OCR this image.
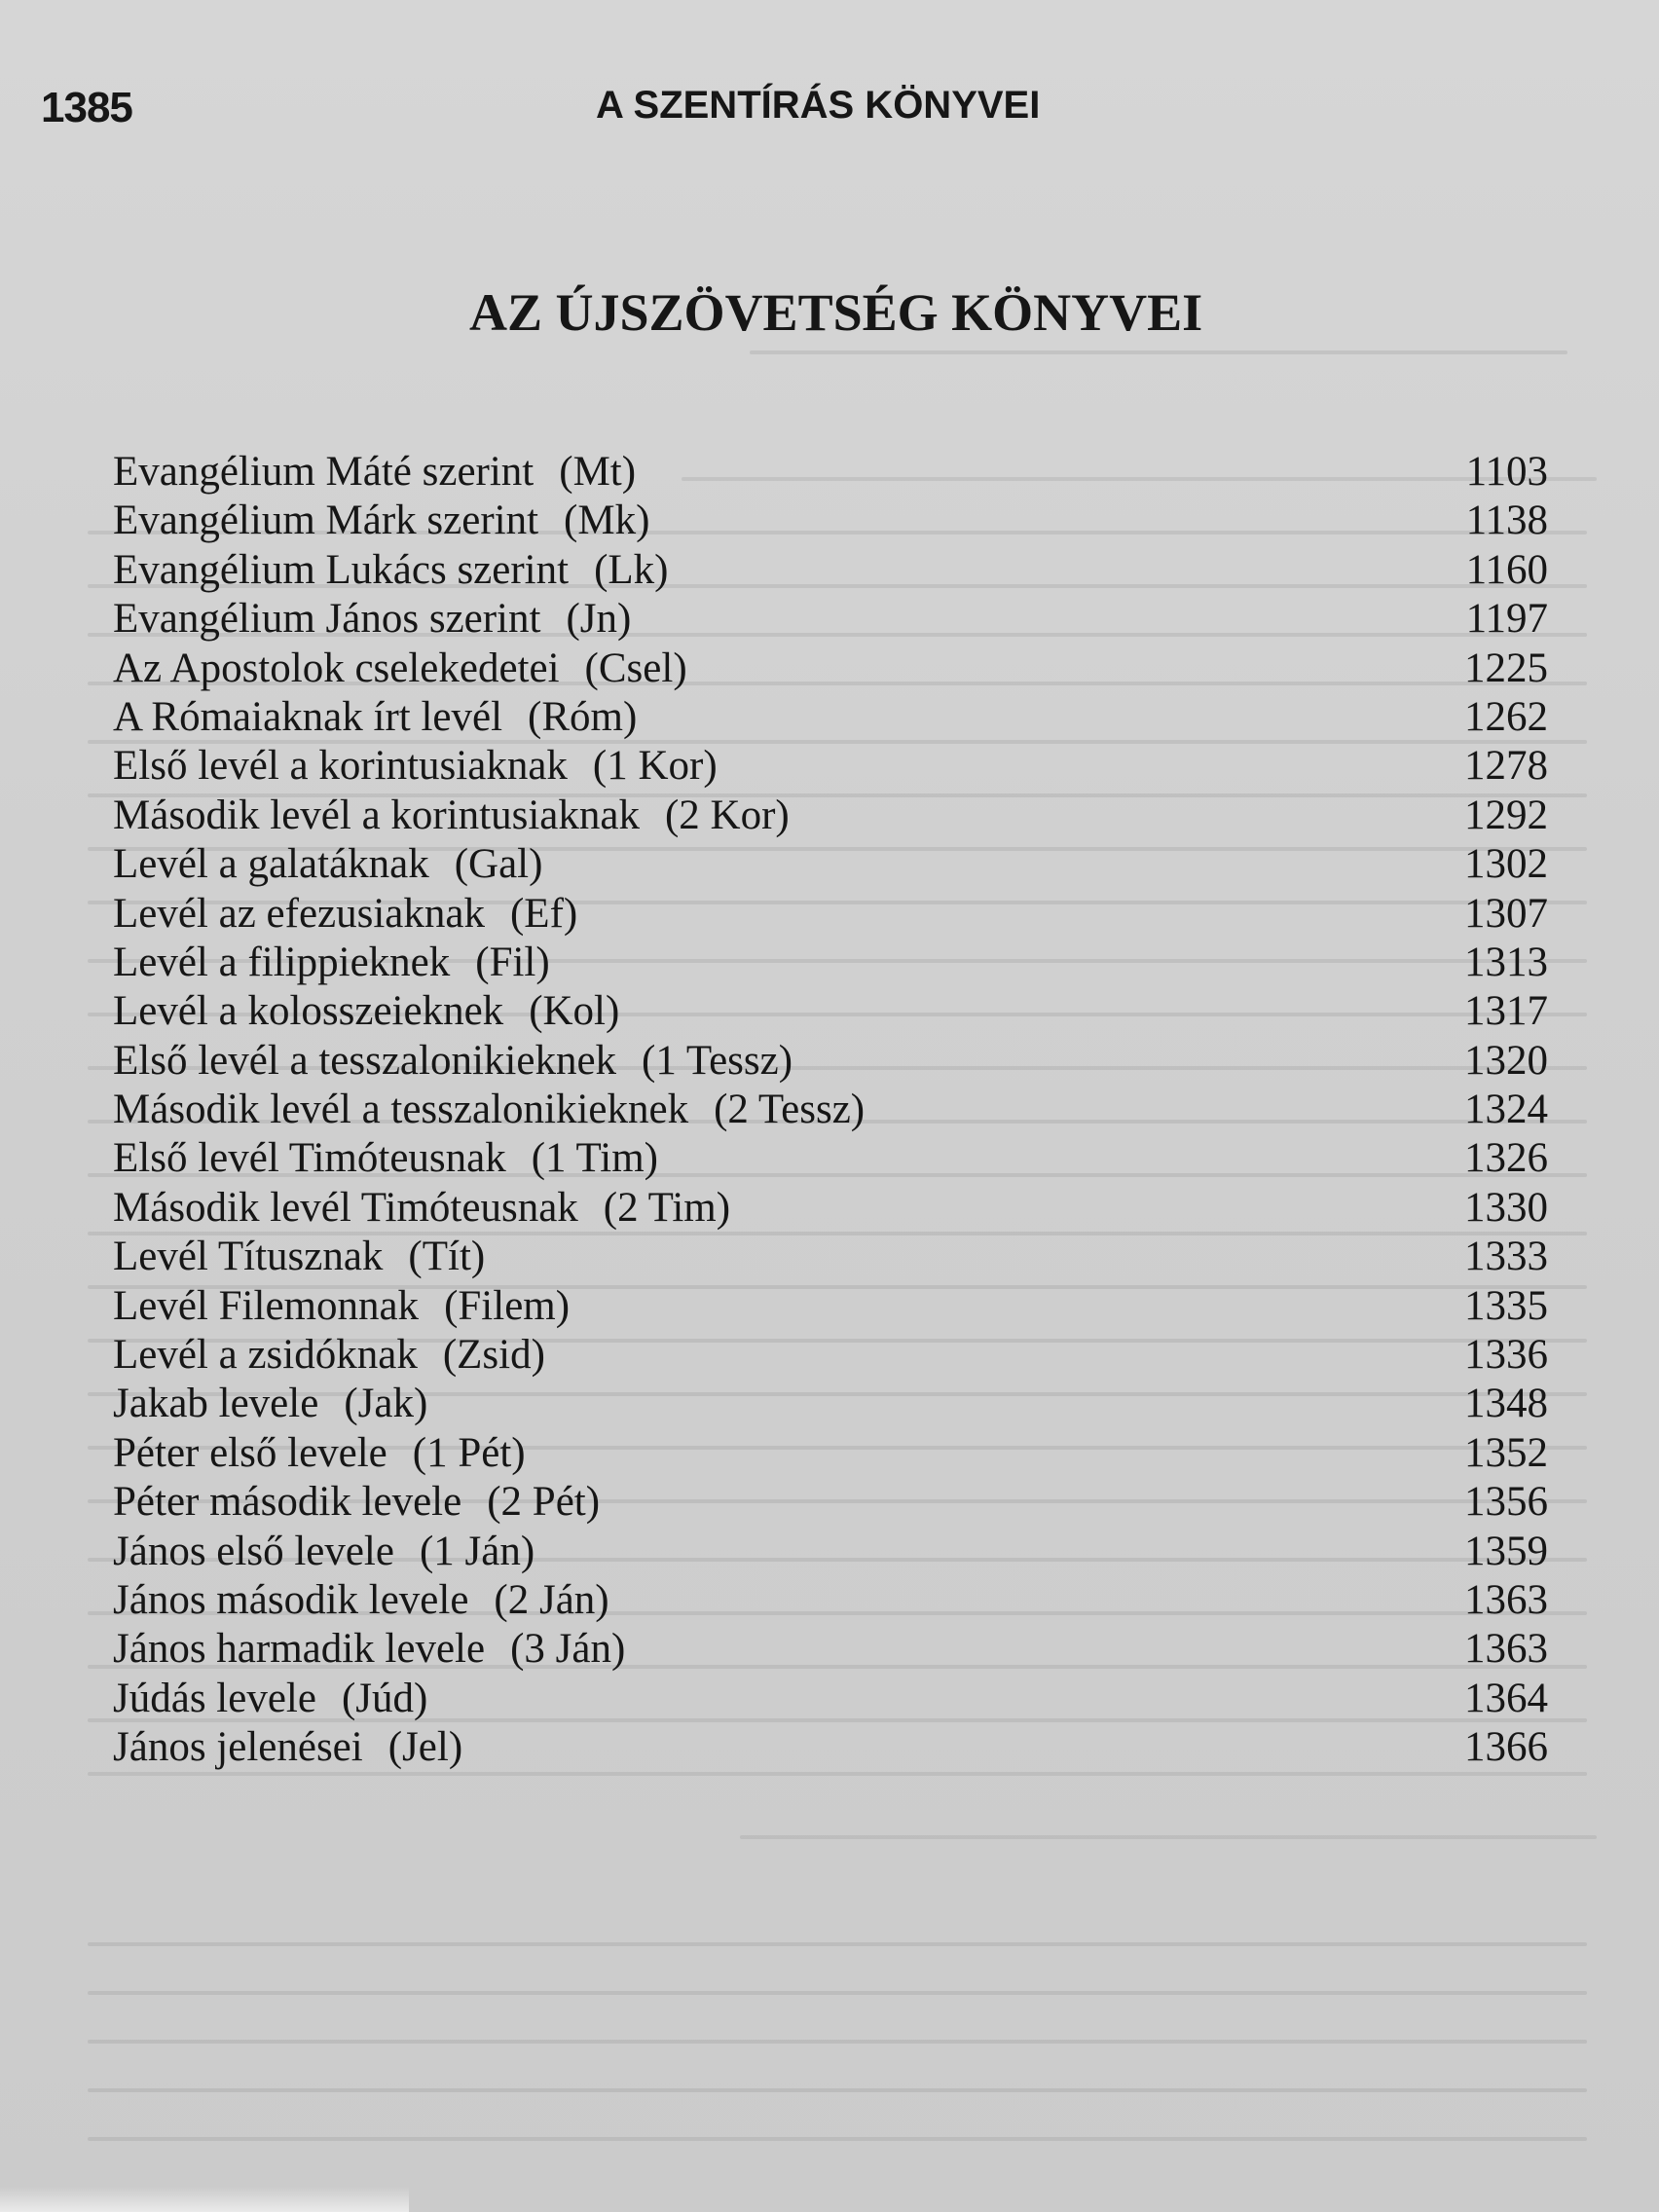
1385	A SZENTÍRÁS KÖNYVEI
AZ ÚJSZÖVETSÉG KÖNYVEI
Evangélium Máté szerint (Mt)	1103
Evangélium Márk szerint (Mk)	1138
Evangélium Lukács szerint (Lk)	1160
Evangélium János szerint (Jn)	1197
Az Apostolok cselekedetei (Csel)	1225
A Rómaiaknak írt levél (Róm)	1262
Első levél a korintusiaknak (1 Kor)	1278
Második levél a korintusiaknak (2 Kor)	1292
Levél a galatáknak (Gal)	1302
Levél az efezusiaknak (Ef)	1307
Levél a filippieknek (Fil)	1313
Levél a kolosszeieknek (Kol)	1317
Első levél a tesszalonikieknek (1 Tessz)	1320
Második levél a tesszalonikieknek (2 Tessz)	1324
Első levél Timóteusnak (1 Tim)	1326
Második levél Timóteusnak (2 Tim)	1330
Levél Títusznak (Tít)	1333
Levél Filemonnak (Filem)	1335
Levél a zsidóknak (Zsid)	1336
Jakab levele (Jak)	1348
Péter első levele (1 Pét)	1352
Péter második levele (2 Pét)	1356
János első levele (1 Ján)	1359
János második levele (2 Ján)	1363
János harmadik levele (3 Ján)	1363
Júdás levele (Júd)	1364
János jelenései (Jel)	1366
